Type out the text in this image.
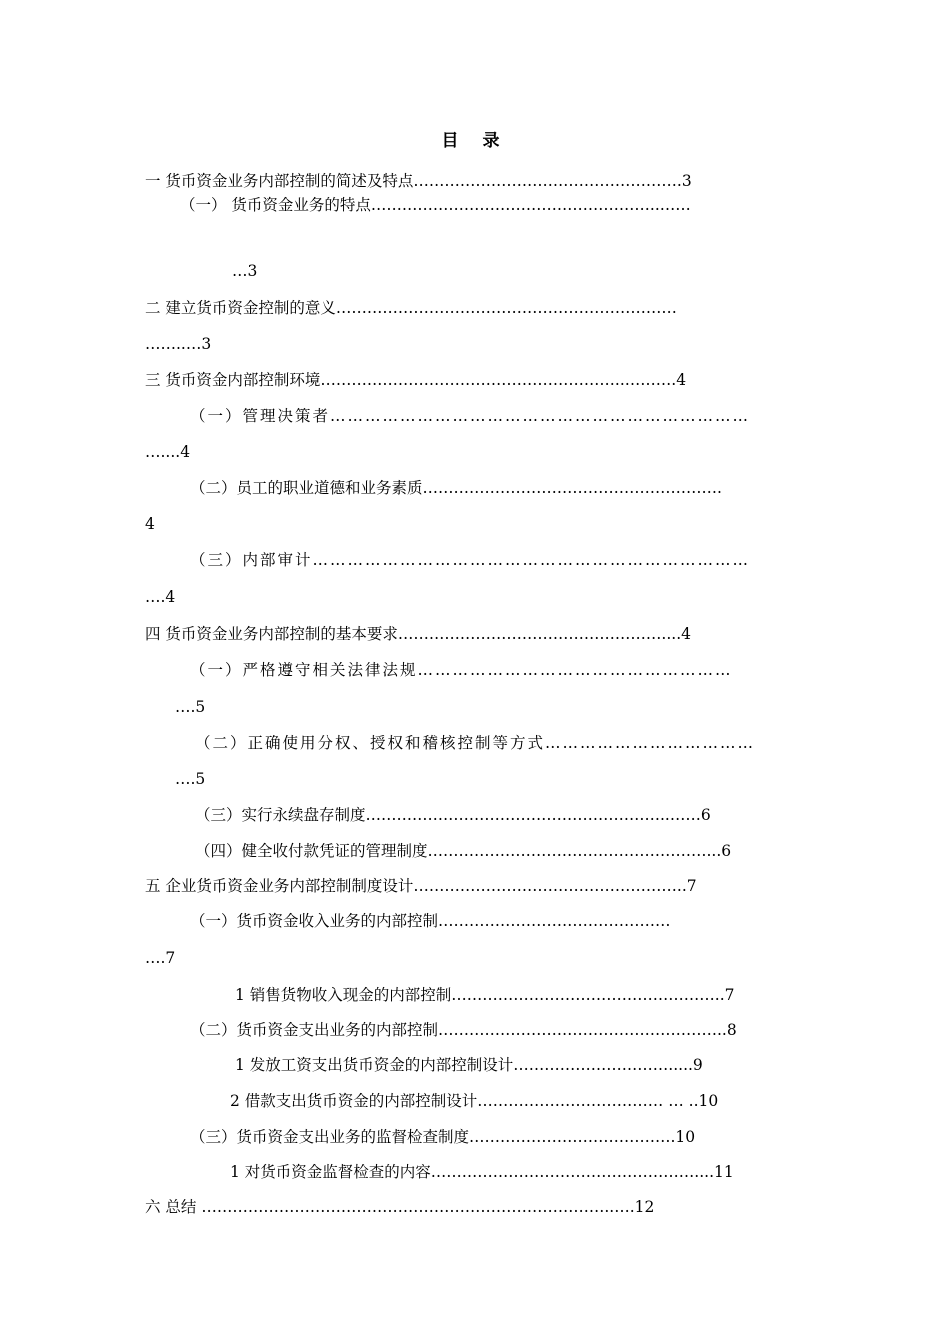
目 录
一 货币资金业务内部控制的简述及特点…………………………………………….3
（一） 货币资金业务的特点………………………………………………..……
…3
二 建立货币资金控制的意义…………………………………………………………
……..…3
三 货币资金内部控制环境…………………………………………………..……….4
（一）管理决策者………………………………………………………………
…....4
（二）员工的职业道德和业务素质………………………………………………….
4
（三）内部审计…………………………………………………………………
….4
四 货币资金业务内部控制的基本要求……………………………………………....4
（一）严格遵守相关法律法规………………………………………………
….5
（二）正确使用分权、授权和稽核控制等方式………………………………
….5
（三）实行永续盘存制度…………………………………………………..……6
（四）健全收付款凭证的管理制度………………………………………………...6
五 企业货币资金业务内部控制制度设计……………………………………………..7
（一）货币资金收入业务的内部控制………………………………………
….7
1 销售货物收入现金的内部控制……………………………………………..7
（二）货币资金支出业务的内部控制………………………………………………..8
1 发放工资支出货币资金的内部控制设计………………………….....9
2 借款支出货币资金的内部控制设计……………………………… … ..10
（三）货币资金支出业务的监督检查制度………………………………….10
1 对货币资金监督检查的内容……………………………………………....11
六 总结 ……………………………………………………………………..….12
